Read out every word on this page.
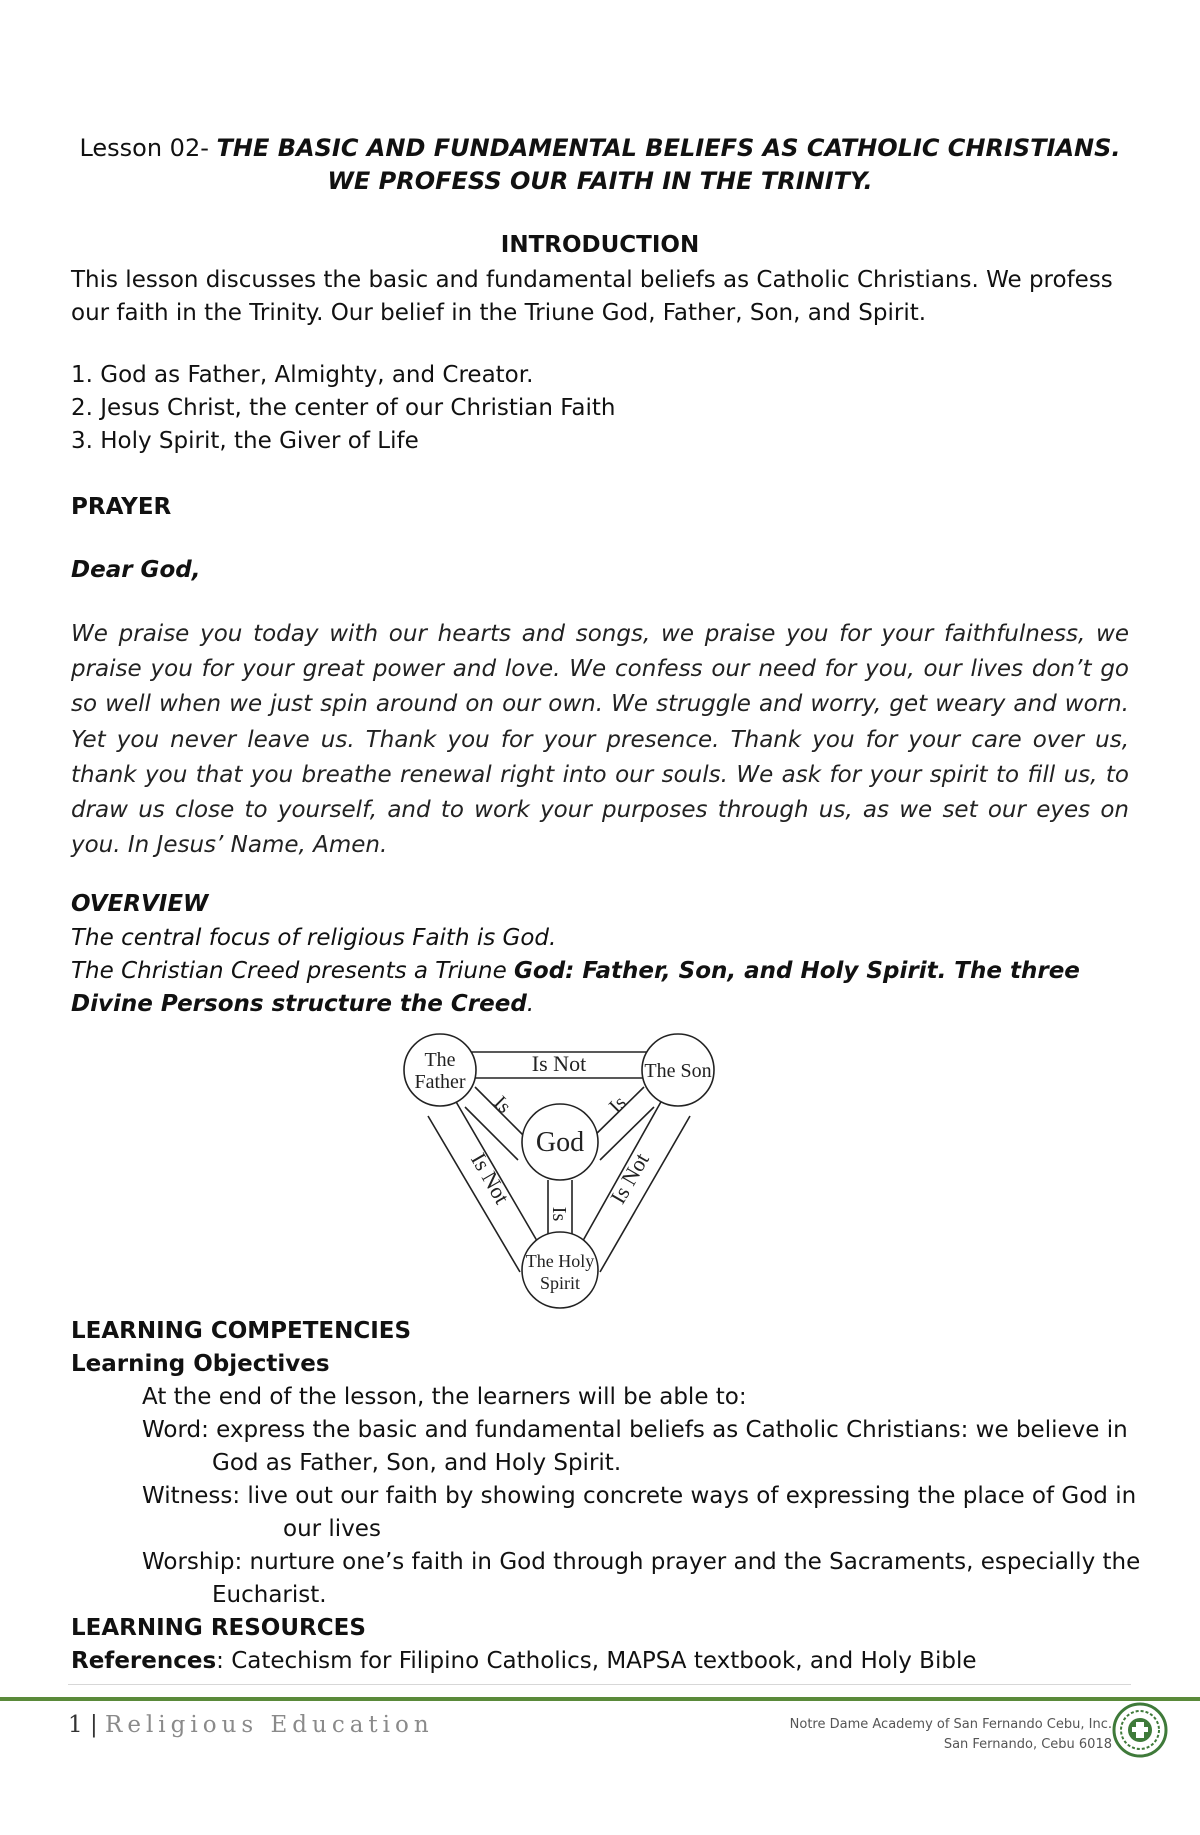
Lesson 02- THE BASIC AND FUNDAMENTAL BELIEFS AS CATHOLIC CHRISTIANS. WE PROFESS OUR FAITH IN THE TRINITY.
INTRODUCTION
This lesson discusses the basic and fundamental beliefs as Catholic Christians. We profess our faith in the Trinity. Our belief in the Triune God, Father, Son, and Spirit.
1. God as Father, Almighty, and Creator.
2. Jesus Christ, the center of our Christian Faith
3. Holy Spirit, the Giver of Life
PRAYER
Dear God,
We praise you today with our hearts and songs, we praise you for your faithfulness, we praise you for your great power and love. We confess our need for you, our lives don’t go so well when we just spin around on our own. We struggle and worry, get weary and worn. Yet you never leave us. Thank you for your presence. Thank you for your care over us, thank you that you breathe renewal right into our souls. We ask for your spirit to fill us, to draw us close to yourself, and to work your purposes through us, as we set our eyes on you. In Jesus’ Name, Amen.
OVERVIEW

The central focus of religious Faith is God.

The Christian Creed presents a Triune God: Father, Son, and Holy Spirit. The three Divine Persons structure the Creed.

The
Father	The Son
God
The Holy
Spirit
Is Not
Is	Is
Is
Is Not	Is Not
LEARNING COMPETENCIES
Learning Objectives
At the end of the lesson, the learners will be able to:
Word: express the basic and fundamental beliefs as Catholic Christians: we believe in
God as Father, Son, and Holy Spirit.
Witness: live out our faith by showing concrete ways of expressing the place of God in
our lives
Worship: nurture one’s faith in God through prayer and the Sacraments, especially the
Eucharist.
LEARNING RESOURCES
References: Catechism for Filipino Catholics, MAPSA textbook, and Holy Bible
1 | Religious Education	Notre Dame Academy of San Fernando Cebu, Inc.
San Fernando, Cebu 6018
